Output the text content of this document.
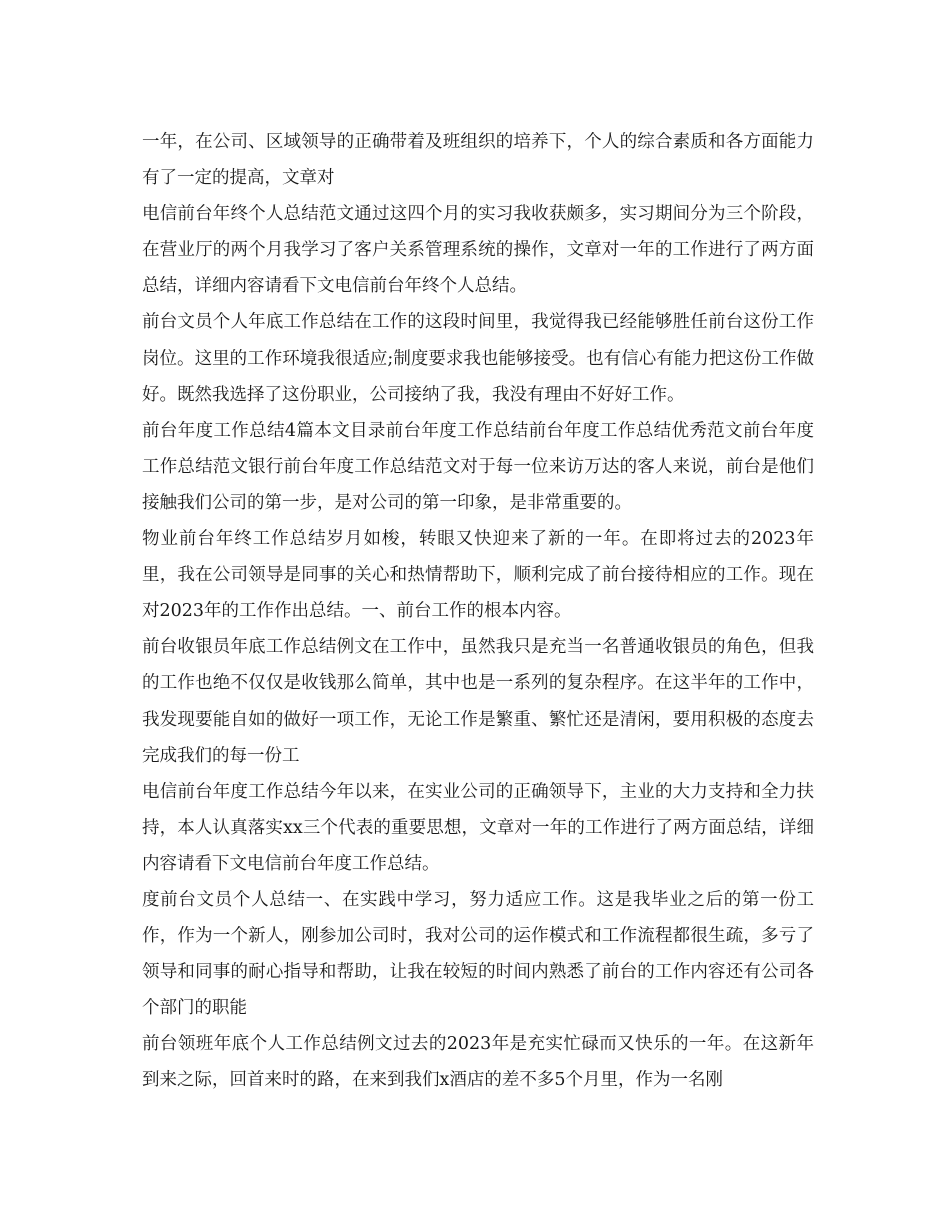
一年，在公司、区域领导的正确带着及班组织的培养下，个人的综合素质和各方面能力有了一定的提高，文章对

电信前台年终个人总结范文通过这四个月的实习我收获颇多，实习期间分为三个阶段，在营业厅的两个月我学习了客户关系管理系统的操作，文章对一年的工作进行了两方面总结，详细内容请看下文电信前台年终个人总结。

前台文员个人年底工作总结在工作的这段时间里，我觉得我已经能够胜任前台这份工作岗位。这里的工作环境我很适应;制度要求我也能够接受。也有信心有能力把这份工作做好。既然我选择了这份职业，公司接纳了我，我没有理由不好好工作。

前台年度工作总结4篇本文目录前台年度工作总结前台年度工作总结优秀范文前台年度工作总结范文银行前台年度工作总结范文对于每一位来访万达的客人来说，前台是他们接触我们公司的第一步，是对公司的第一印象，是非常重要的。

物业前台年终工作总结岁月如梭，转眼又快迎来了新的一年。在即将过去的2023年里，我在公司领导是同事的关心和热情帮助下，顺利完成了前台接待相应的工作。现在对2023年的工作作出总结。一、前台工作的根本内容。

前台收银员年底工作总结例文在工作中，虽然我只是充当一名普通收银员的角色，但我的工作也绝不仅仅是收钱那么简单，其中也是一系列的复杂程序。在这半年的工作中，我发现要能自如的做好一项工作，无论工作是繁重、繁忙还是清闲，要用积极的态度去完成我们的每一份工

电信前台年度工作总结今年以来，在实业公司的正确领导下，主业的大力支持和全力扶持，本人认真落实xx三个代表的重要思想，文章对一年的工作进行了两方面总结，详细内容请看下文电信前台年度工作总结。

度前台文员个人总结一、在实践中学习，努力适应工作。这是我毕业之后的第一份工作，作为一个新人，刚参加公司时，我对公司的运作模式和工作流程都很生疏，多亏了领导和同事的耐心指导和帮助，让我在较短的时间内熟悉了前台的工作内容还有公司各个部门的职能

前台领班年底个人工作总结例文过去的2023年是充实忙碌而又快乐的一年。在这新年到来之际，回首来时的路，在来到我们x酒店的差不多5个月里，作为一名刚
